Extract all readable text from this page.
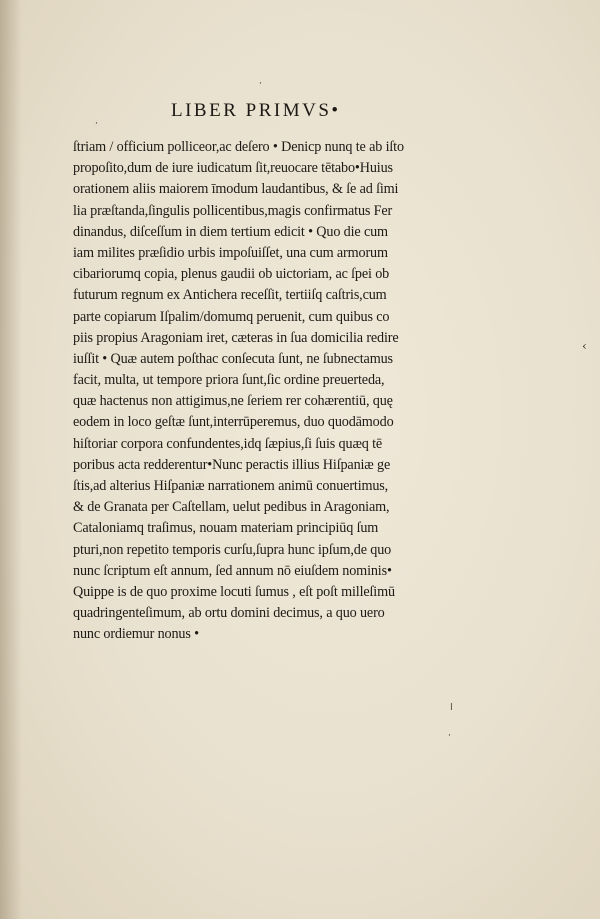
·
·
ǀ
·
‹
LIBER PRIMVS•
ſtriam / officium polliceor,ac deſero • Denicp nunq te ab iſto
propoſito,dum de iure iudicatum ſit,reuocare tētabo•Huius
orationem aliis maiorem īmodum laudantibus, & ſe ad ſimi
lia præſtanda,ſingulis pollicentibus,magis confirmatus Fer
dinandus, diſceſſum in diem tertium edicit • Quo die cum
iam milites præſidio urbis impoſuiſſet, una cum armorum
cibariorumq copia, plenus gaudii ob uictoriam, ac ſpei ob
futurum regnum ex Antichera receſſit, tertiiſq caſtris,cum
parte copiarum Iſpalim/domumq peruenit, cum quibus co
piis propius Aragoniam iret, cæteras in ſua domicilia redire
iuſſit • Quæ autem poſthac conſecuta ſunt, ne ſubnectamus
facit, multa, ut tempore priora ſunt,ſic ordine preuerteda,
quæ hactenus non attigimus,ne ſeriem rer cohærentiū, quę
eodem in loco geſtæ ſunt,interrūperemus, duo quodāmodo
hiſtoriar corpora confundentes,idq ſæpius,ſi ſuis quæq tē
poribus acta redderentur•Nunc peractis illius Hiſpaniæ ge
ſtis,ad alterius Hiſpaniæ narrationem animū conuertimus,
& de Granata per Caſtellam, uelut pedibus in Aragoniam,
Cataloniamq traſimus, nouam materiam principiūq ſum
pturi,non repetito temporis curſu,ſupra hunc ipſum,de quo
nunc ſcriptum eſt annum, ſed annum nō eiuſdem nominis•
Quippe is de quo proxime locuti ſumus , eſt poſt milleſimū
quadringenteſimum, ab ortu domini decimus, a quo uero
nunc ordiemur nonus •
